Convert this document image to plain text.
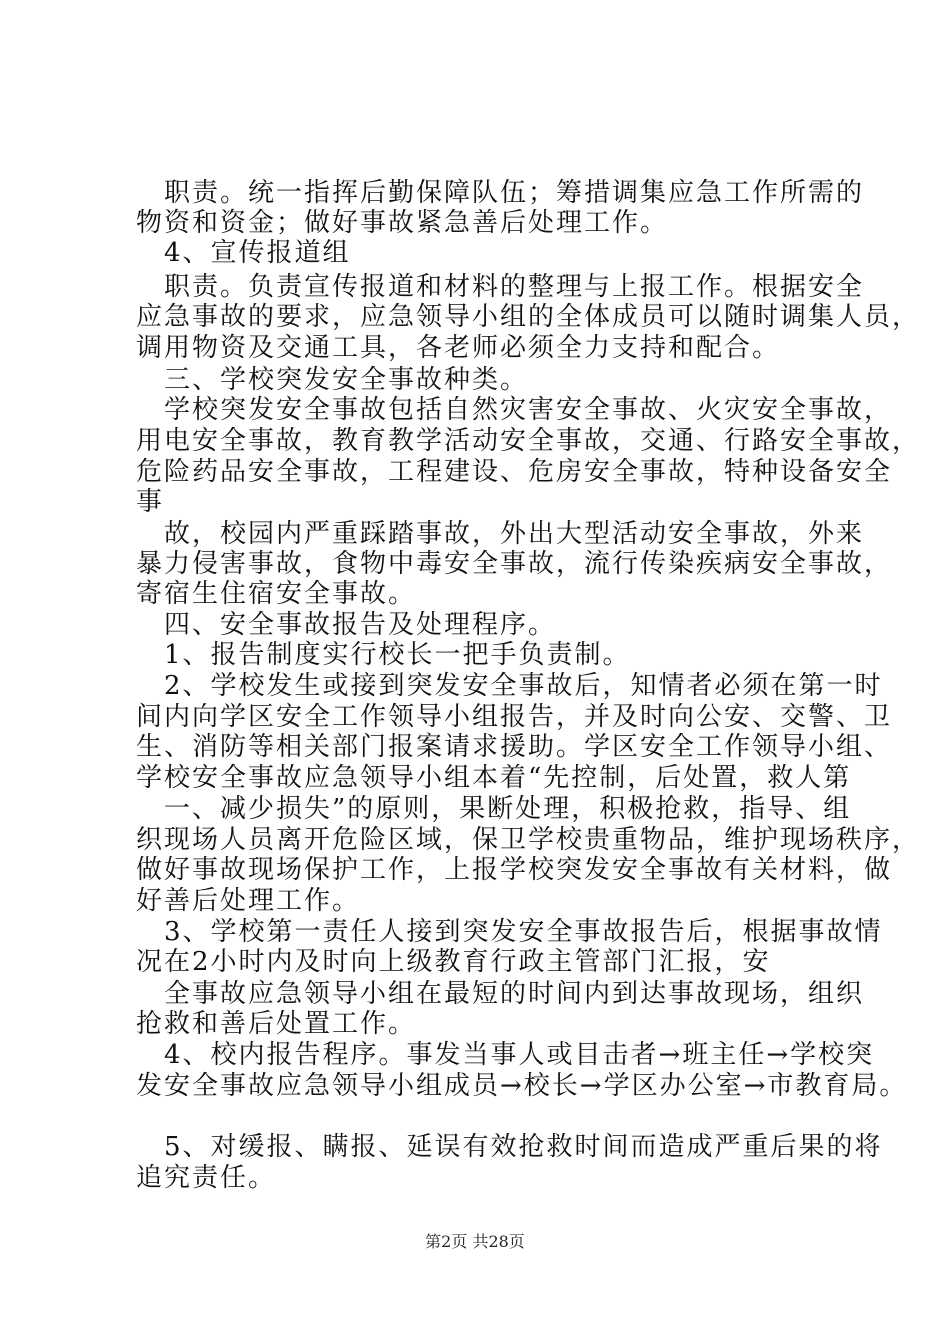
　职责。统一指挥后勤保障队伍；筹措调集应急工作所需的
物资和资金；做好事故紧急善后处理工作。
　4、宣传报道组
　职责。负责宣传报道和材料的整理与上报工作。根据安全
应急事故的要求，应急领导小组的全体成员可以随时调集人员，
调用物资及交通工具，各老师必须全力支持和配合。
　三、学校突发安全事故种类。
　学校突发安全事故包括自然灾害安全事故、火灾安全事故，
用电安全事故，教育教学活动安全事故，交通、行路安全事故，
危险药品安全事故，工程建设、危房安全事故，特种设备安全
事
　故，校园内严重踩踏事故，外出大型活动安全事故，外来
暴力侵害事故，食物中毒安全事故，流行传染疾病安全事故，
寄宿生住宿安全事故。
　四、安全事故报告及处理程序。
　1、报告制度实行校长一把手负责制。
　2、学校发生或接到突发安全事故后，知情者必须在第一时
间内向学区安全工作领导小组报告，并及时向公安、交警、卫
生、消防等相关部门报案请求援助。学区安全工作领导小组、
学校安全事故应急领导小组本着“先控制，后处置，救人第
　一、减少损失”的原则，果断处理，积极抢救，指导、组
织现场人员离开危险区域，保卫学校贵重物品，维护现场秩序，
做好事故现场保护工作，上报学校突发安全事故有关材料，做
好善后处理工作。
　3、学校第一责任人接到突发安全事故报告后，根据事故情
况在2小时内及时向上级教育行政主管部门汇报，安
　全事故应急领导小组在最短的时间内到达事故现场，组织
抢救和善后处置工作。
　4、校内报告程序。事发当事人或目击者→班主任→学校突
发安全事故应急领导小组成员→校长→学区办公室→市教育局。
　5、对缓报、瞒报、延误有效抢救时间而造成严重后果的将
追究责任。
第2页 共28页
